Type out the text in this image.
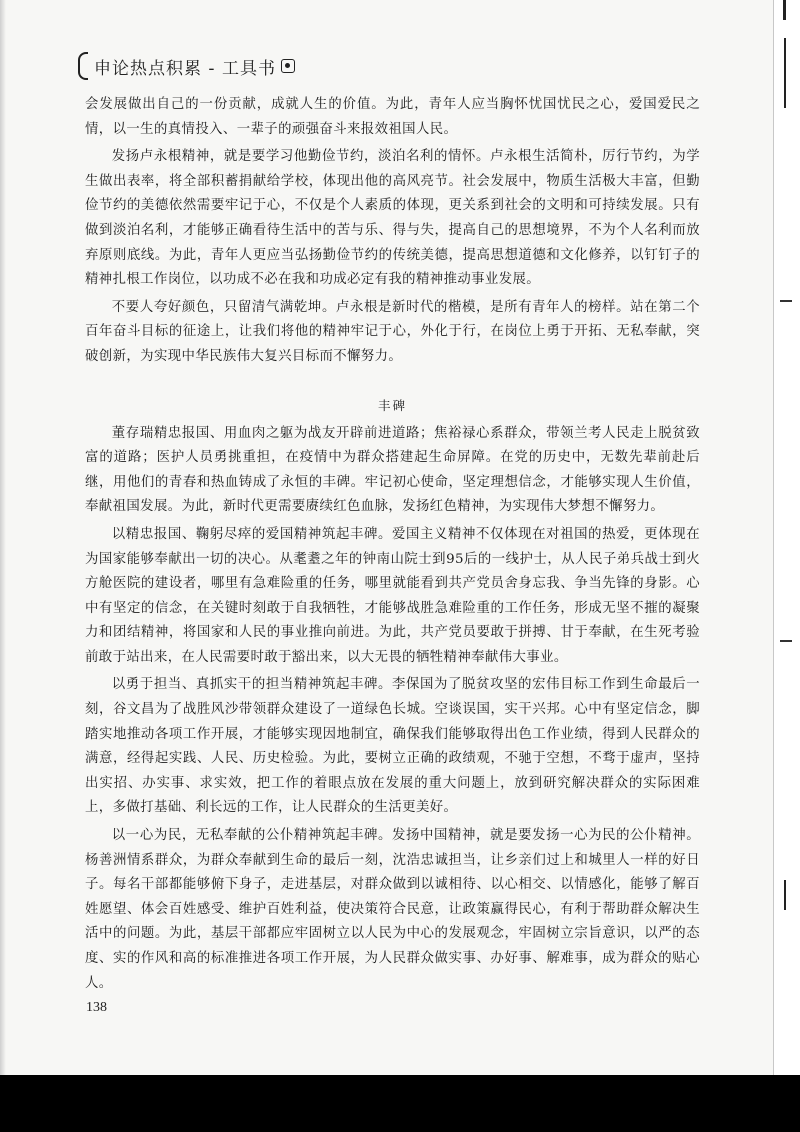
申论热点积累 - 工具书

会发展做出自己的一份贡献，成就人生的价值。为此，青年人应当胸怀忧国忧民之心，爱国爱民之情，以一生的真情投入、一辈子的顽强奋斗来报效祖国人民。

发扬卢永根精神，就是要学习他勤俭节约，淡泊名利的情怀。卢永根生活简朴，厉行节约，为学生做出表率，将全部积蓄捐献给学校，体现出他的高风亮节。社会发展中，物质生活极大丰富，但勤俭节约的美德依然需要牢记于心，不仅是个人素质的体现，更关系到社会的文明和可持续发展。只有做到淡泊名利，才能够正确看待生活中的苦与乐、得与失，提高自己的思想境界，不为个人名利而放弃原则底线。为此，青年人更应当弘扬勤俭节约的传统美德，提高思想道德和文化修养，以钉钉子的精神扎根工作岗位，以功成不必在我和功成必定有我的精神推动事业发展。

不要人夸好颜色，只留清气满乾坤。卢永根是新时代的楷模，是所有青年人的榜样。站在第二个百年奋斗目标的征途上，让我们将他的精神牢记于心，外化于行，在岗位上勇于开拓、无私奉献，突破创新，为实现中华民族伟大复兴目标而不懈努力。

丰碑

董存瑞精忠报国、用血肉之躯为战友开辟前进道路；焦裕禄心系群众，带领兰考人民走上脱贫致富的道路；医护人员勇挑重担，在疫情中为群众搭建起生命屏障。在党的历史中，无数先辈前赴后继，用他们的青春和热血铸成了永恒的丰碑。牢记初心使命，坚定理想信念，才能够实现人生价值，奉献祖国发展。为此，新时代更需要赓续红色血脉，发扬红色精神，为实现伟大梦想不懈努力。

以精忠报国、鞠躬尽瘁的爱国精神筑起丰碑。爱国主义精神不仅体现在对祖国的热爱，更体现在为国家能够奉献出一切的决心。从耄耋之年的钟南山院士到95后的一线护士，从人民子弟兵战士到火方舱医院的建设者，哪里有急难险重的任务，哪里就能看到共产党员舍身忘我、争当先锋的身影。心中有坚定的信念，在关键时刻敢于自我牺牲，才能够战胜急难险重的工作任务，形成无坚不摧的凝聚力和团结精神，将国家和人民的事业推向前进。为此，共产党员要敢于拼搏、甘于奉献，在生死考验前敢于站出来，在人民需要时敢于豁出来，以大无畏的牺牲精神奉献伟大事业。

以勇于担当、真抓实干的担当精神筑起丰碑。李保国为了脱贫攻坚的宏伟目标工作到生命最后一刻，谷文昌为了战胜风沙带领群众建设了一道绿色长城。空谈误国，实干兴邦。心中有坚定信念，脚踏实地推动各项工作开展，才能够实现因地制宜，确保我们能够取得出色工作业绩，得到人民群众的满意，经得起实践、人民、历史检验。为此，要树立正确的政绩观，不驰于空想，不骛于虚声，坚持出实招、办实事、求实效，把工作的着眼点放在发展的重大问题上，放到研究解决群众的实际困难上，多做打基础、利长远的工作，让人民群众的生活更美好。

以一心为民，无私奉献的公仆精神筑起丰碑。发扬中国精神，就是要发扬一心为民的公仆精神。杨善洲情系群众，为群众奉献到生命的最后一刻，沈浩忠诚担当，让乡亲们过上和城里人一样的好日子。每名干部都能够俯下身子，走进基层，对群众做到以诚相待、以心相交、以情感化，能够了解百姓愿望、体会百姓感受、维护百姓利益，使决策符合民意，让政策赢得民心，有利于帮助群众解决生活中的问题。为此，基层干部都应牢固树立以人民为中心的发展观念，牢固树立宗旨意识，以严的态度、实的作风和高的标准推进各项工作开展，为人民群众做实事、办好事、解难事，成为群众的贴心人。

138
